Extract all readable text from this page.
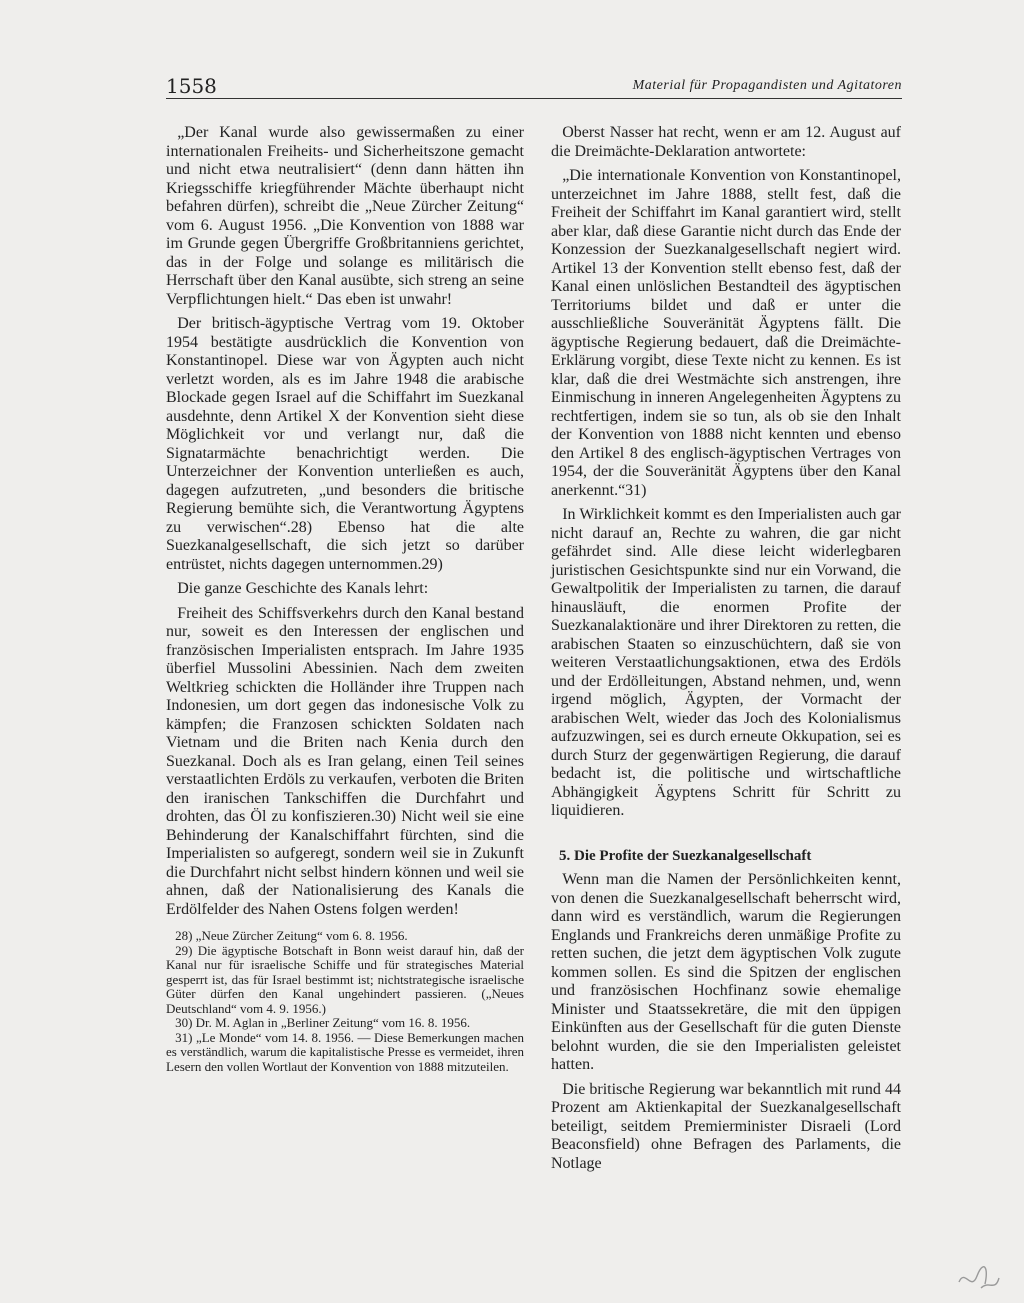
1558	Material für Propagandisten und Agitatoren

„Der Kanal wurde also gewissermaßen zu einer internationalen Freiheits- und Sicherheitszone gemacht und nicht etwa neutralisiert“ (denn dann hätten ihn Kriegsschiffe kriegführender Mächte überhaupt nicht befahren dürfen), schreibt die „Neue Zürcher Zeitung“ vom 6. August 1956. „Die Konvention von 1888 war im Grunde gegen Übergriffe Großbritanniens gerichtet, das in der Folge und solange es militärisch die Herrschaft über den Kanal ausübte, sich streng an seine Verpflichtungen hielt.“ Das eben ist unwahr!

Der britisch-ägyptische Vertrag vom 19. Oktober 1954 bestätigte ausdrücklich die Konvention von Konstantinopel. Diese war von Ägypten auch nicht verletzt worden, als es im Jahre 1948 die arabische Blockade gegen Israel auf die Schiffahrt im Suezkanal ausdehnte, denn Artikel X der Konvention sieht diese Möglichkeit vor und verlangt nur, daß die Signatarmächte benachrichtigt werden. Die Unterzeichner der Konvention unterließen es auch, dagegen aufzutreten, „und besonders die britische Regierung bemühte sich, die Verantwortung Ägyptens zu verwischen“.28) Ebenso hat die alte Suezkanalgesellschaft, die sich jetzt so darüber entrüstet, nichts dagegen unternommen.29)

Die ganze Geschichte des Kanals lehrt:

Freiheit des Schiffsverkehrs durch den Kanal bestand nur, soweit es den Interessen der englischen und französischen Imperialisten entsprach. Im Jahre 1935 überfiel Mussolini Abessinien. Nach dem zweiten Weltkrieg schickten die Holländer ihre Truppen nach Indonesien, um dort gegen das indonesische Volk zu kämpfen; die Franzosen schickten Soldaten nach Vietnam und die Briten nach Kenia durch den Suezkanal. Doch als es Iran gelang, einen Teil seines verstaatlichten Erdöls zu verkaufen, verboten die Briten den iranischen Tankschiffen die Durchfahrt und drohten, das Öl zu konfiszieren.30) Nicht weil sie eine Behinderung der Kanalschiffahrt fürchten, sind die Imperialisten so aufgeregt, sondern weil sie in Zukunft die Durchfahrt nicht selbst hindern können und weil sie ahnen, daß der Nationalisierung des Kanals die Erdölfelder des Nahen Ostens folgen werden!

28) „Neue Zürcher Zeitung“ vom 6. 8. 1956.

29) Die ägyptische Botschaft in Bonn weist darauf hin, daß der Kanal nur für israelische Schiffe und für strategisches Material gesperrt ist, das für Israel bestimmt ist; nichtstrategische israelische Güter dürfen den Kanal ungehindert passieren. („Neues Deutschland“ vom 4. 9. 1956.)

30) Dr. M. Aglan in „Berliner Zeitung“ vom 16. 8. 1956.

31) „Le Monde“ vom 14. 8. 1956. — Diese Bemerkungen machen es verständlich, warum die kapitalistische Presse es vermeidet, ihren Lesern den vollen Wortlaut der Konvention von 1888 mitzuteilen.

Oberst Nasser hat recht, wenn er am 12. August auf die Dreimächte-Deklaration antwortete:

„Die internationale Konvention von Konstantinopel, unterzeichnet im Jahre 1888, stellt fest, daß die Freiheit der Schiffahrt im Kanal garantiert wird, stellt aber klar, daß diese Garantie nicht durch das Ende der Konzession der Suezkanalgesellschaft negiert wird. Artikel 13 der Konvention stellt ebenso fest, daß der Kanal einen unlöslichen Bestandteil des ägyptischen Territoriums bildet und daß er unter die ausschließliche Souveränität Ägyptens fällt. Die ägyptische Regierung bedauert, daß die Dreimächte-Erklärung vorgibt, diese Texte nicht zu kennen. Es ist klar, daß die drei Westmächte sich anstrengen, ihre Einmischung in inneren Angelegenheiten Ägyptens zu rechtfertigen, indem sie so tun, als ob sie den Inhalt der Konvention von 1888 nicht kennten und ebenso den Artikel 8 des englisch-ägyptischen Vertrages von 1954, der die Souveränität Ägyptens über den Kanal anerkennt.“31)

In Wirklichkeit kommt es den Imperialisten auch gar nicht darauf an, Rechte zu wahren, die gar nicht gefährdet sind. Alle diese leicht widerlegbaren juristischen Gesichtspunkte sind nur ein Vorwand, die Gewaltpolitik der Imperialisten zu tarnen, die darauf hinausläuft, die enormen Profite der Suezkanalaktionäre und ihrer Direktoren zu retten, die arabischen Staaten so einzuschüchtern, daß sie von weiteren Verstaatlichungsaktionen, etwa des Erdöls und der Erdölleitungen, Abstand nehmen, und, wenn irgend möglich, Ägypten, der Vormacht der arabischen Welt, wieder das Joch des Kolonialismus aufzuzwingen, sei es durch erneute Okkupation, sei es durch Sturz der gegenwärtigen Regierung, die darauf bedacht ist, die politische und wirtschaftliche Abhängigkeit Ägyptens Schritt für Schritt zu liquidieren.

5. Die Profite der Suezkanalgesellschaft

Wenn man die Namen der Persönlichkeiten kennt, von denen die Suezkanalgesellschaft beherrscht wird, dann wird es verständlich, warum die Regierungen Englands und Frankreichs deren unmäßige Profite zu retten suchen, die jetzt dem ägyptischen Volk zugute kommen sollen. Es sind die Spitzen der englischen und französischen Hochfinanz sowie ehemalige Minister und Staatssekretäre, die mit den üppigen Einkünften aus der Gesellschaft für die guten Dienste belohnt wurden, die sie den Imperialisten geleistet hatten.

Die britische Regierung war bekanntlich mit rund 44 Prozent am Aktienkapital der Suezkanalgesellschaft beteiligt, seitdem Premierminister Disraeli (Lord Beaconsfield) ohne Befragen des Parlaments, die Notlage
